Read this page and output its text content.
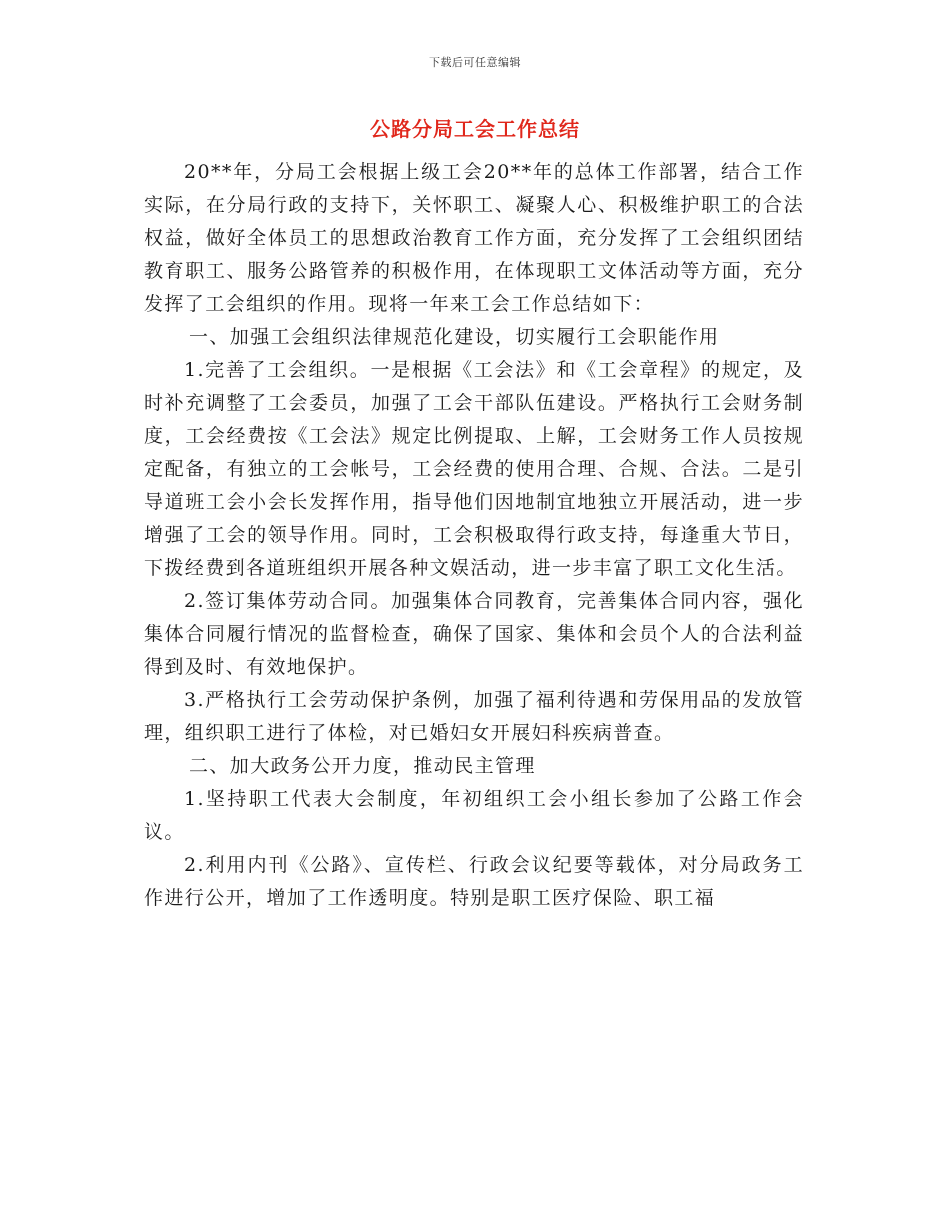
下载后可任意编辑
公路分局工会工作总结

20**年，分局工会根据上级工会20**年的总体工作部署，结合工作实际，在分局行政的支持下，关怀职工、凝聚人心、积极维护职工的合法权益，做好全体员工的思想政治教育工作方面，充分发挥了工会组织团结教育职工、服务公路管养的积极作用，在体现职工文体活动等方面，充分发挥了工会组织的作用。现将一年来工会工作总结如下：

一、加强工会组织法律规范化建设，切实履行工会职能作用

1.完善了工会组织。一是根据《工会法》和《工会章程》的规定，及时补充调整了工会委员，加强了工会干部队伍建设。严格执行工会财务制度，工会经费按《工会法》规定比例提取、上解，工会财务工作人员按规定配备，有独立的工会帐号，工会经费的使用合理、合规、合法。二是引导道班工会小会长发挥作用，指导他们因地制宜地独立开展活动，进一步增强了工会的领导作用。同时，工会积极取得行政支持，每逢重大节日，下拨经费到各道班组织开展各种文娱活动，进一步丰富了职工文化生活。

2.签订集体劳动合同。加强集体合同教育，完善集体合同内容，强化集体合同履行情况的监督检查，确保了国家、集体和会员个人的合法利益得到及时、有效地保护。

3.严格执行工会劳动保护条例，加强了福利待遇和劳保用品的发放管理，组织职工进行了体检，对已婚妇女开展妇科疾病普查。

二、加大政务公开力度，推动民主管理

1.坚持职工代表大会制度，年初组织工会小组长参加了公路工作会议。

2.利用内刊《公路》、宣传栏、行政会议纪要等载体，对分局政务工作进行公开，增加了工作透明度。特别是职工医疗保险、职工福
